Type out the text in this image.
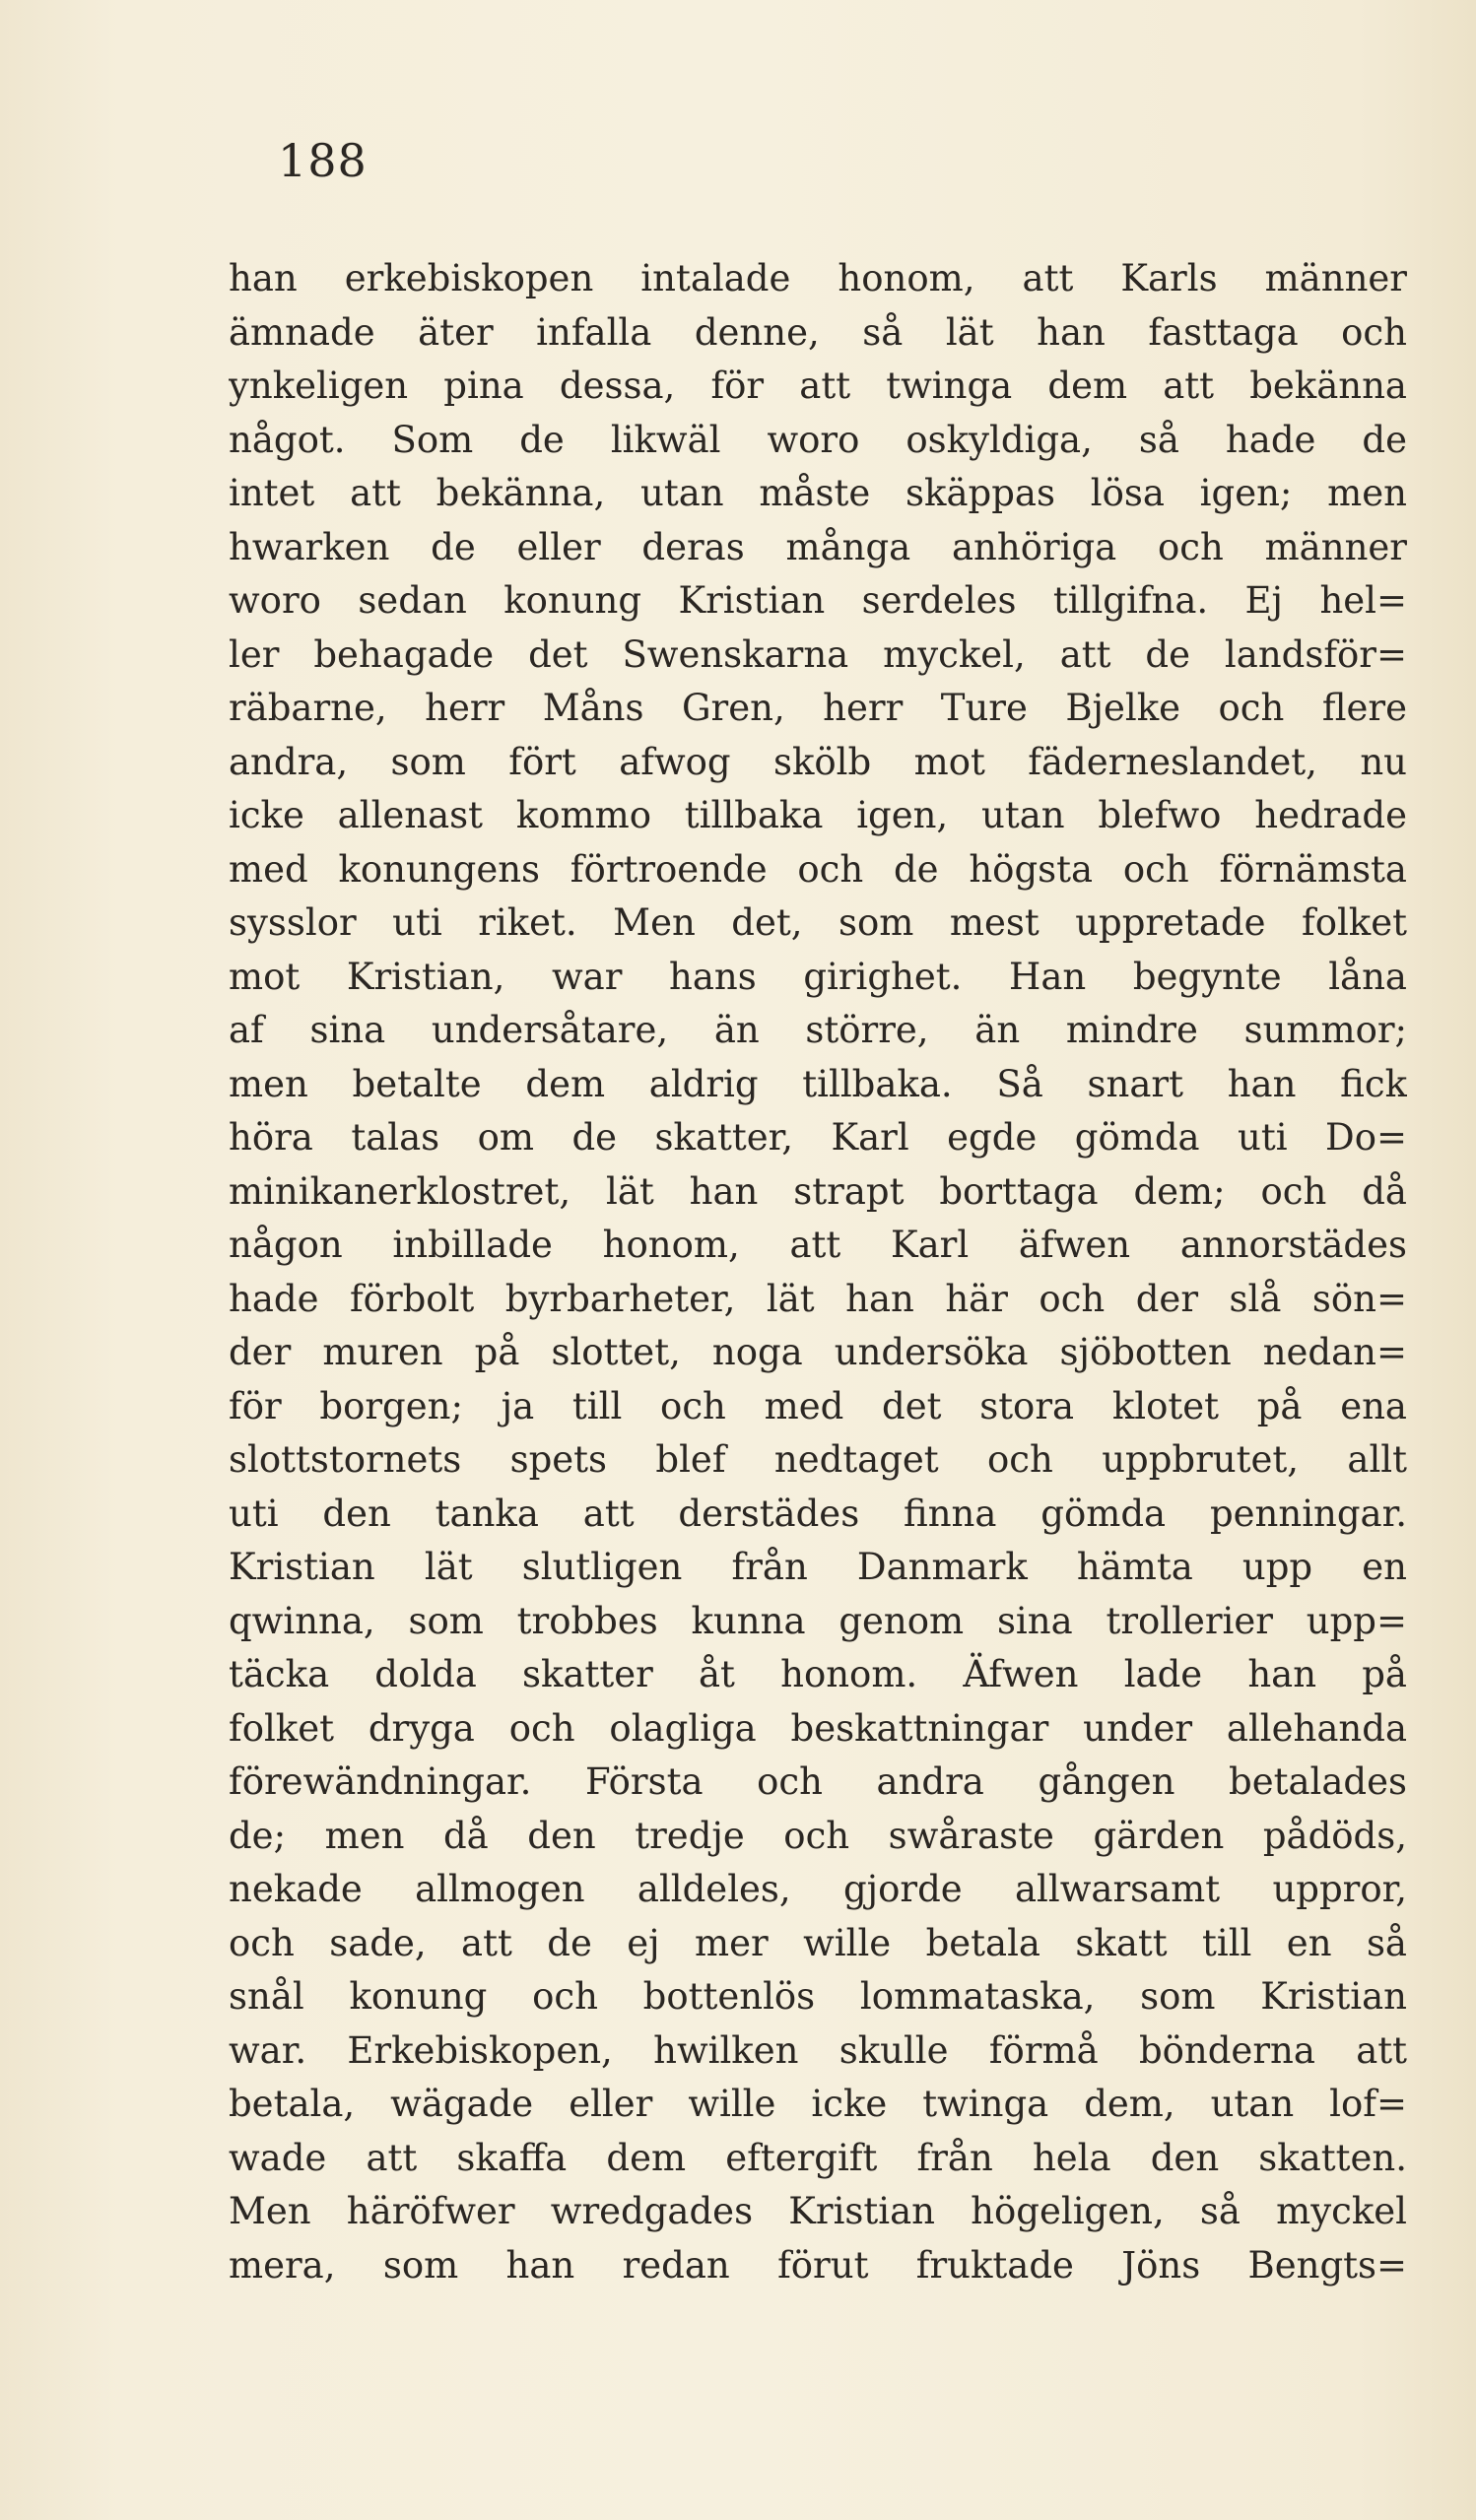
188
han erkebiskopen intalade honom, att Karls männer
ämnade äter infalla denne, så lät han fasttaga och
ynkeligen pina dessa, för att twinga dem att bekänna
något. Som de likwäl woro oskyldiga, så hade de
intet att bekänna, utan måste skäppas lösa igen; men
hwarken de eller deras många anhöriga och männer
woro sedan konung Kristian serdeles tillgifna. Ej hel=
ler behagade det Swenskarna myckel, att de landsför=
räbarne, herr Måns Gren, herr Ture Bjelke och flere
andra, som fört afwog skölb mot fäderneslandet, nu
icke allenast kommo tillbaka igen, utan blefwo hedrade
med konungens förtroende och de högsta och förnämsta
sysslor uti riket. Men det, som mest uppretade folket
mot Kristian, war hans girighet. Han begynte låna
af sina undersåtare, än större, än mindre summor;
men betalte dem aldrig tillbaka. Så snart han fick
höra talas om de skatter, Karl egde gömda uti Do=
minikanerklostret, lät han strapt borttaga dem; och då
någon inbillade honom, att Karl äfwen annorstädes
hade förbolt byrbarheter, lät han här och der slå sön=
der muren på slottet, noga undersöka sjöbotten nedan=
för borgen; ja till och med det stora klotet på ena
slottstornets spets blef nedtaget och uppbrutet, allt
uti den tanka att derstädes finna gömda penningar.
Kristian lät slutligen från Danmark hämta upp en
qwinna, som trobbes kunna genom sina trollerier upp=
täcka dolda skatter åt honom. Äfwen lade han på
folket dryga och olagliga beskattningar under allehanda
förewändningar. Första och andra gången betalades
de; men då den tredje och swåraste gärden pådöds,
nekade allmogen alldeles, gjorde allwarsamt uppror,
och sade, att de ej mer wille betala skatt till en så
snål konung och bottenlös lommataska, som Kristian
war. Erkebiskopen, hwilken skulle förmå bönderna att
betala, wägade eller wille icke twinga dem, utan lof=
wade att skaffa dem eftergift från hela den skatten.
Men häröfwer wredgades Kristian högeligen, så myckel
mera, som han redan förut fruktade Jöns Bengts=
